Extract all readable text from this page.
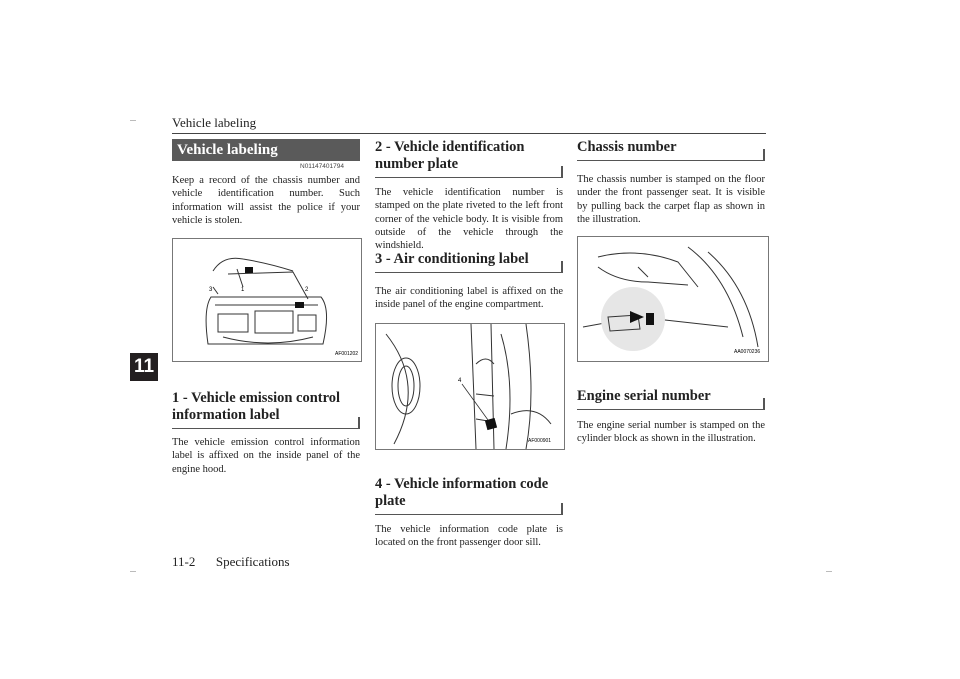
Vehicle labeling
11
Vehicle labeling
N01147401794
Keep a record of the chassis number and vehicle identification number. Such information will assist the police if your vehicle is stolen.
3	1	2
AF001202
1 - Vehicle emission control information label
The vehicle emission control information label is affixed on the inside panel of the engine hood.
2 - Vehicle identification number plate
The vehicle identification number is stamped on the plate riveted to the left front corner of the vehicle body. It is visible from outside of the vehicle through the windshield.
3 - Air conditioning label
The air conditioning label is affixed on the inside panel of the engine compartment.
4
AF000901
4 - Vehicle information code plate
The vehicle information code plate is located on the front passenger door sill.
Chassis number
The chassis number is stamped on the floor under the front passenger seat. It is visible by pulling back the carpet flap as shown in the illustration.
AA0070236
Engine serial number
The engine serial number is stamped on the cylinder block as shown in the illustration.
11-2 Specifications
